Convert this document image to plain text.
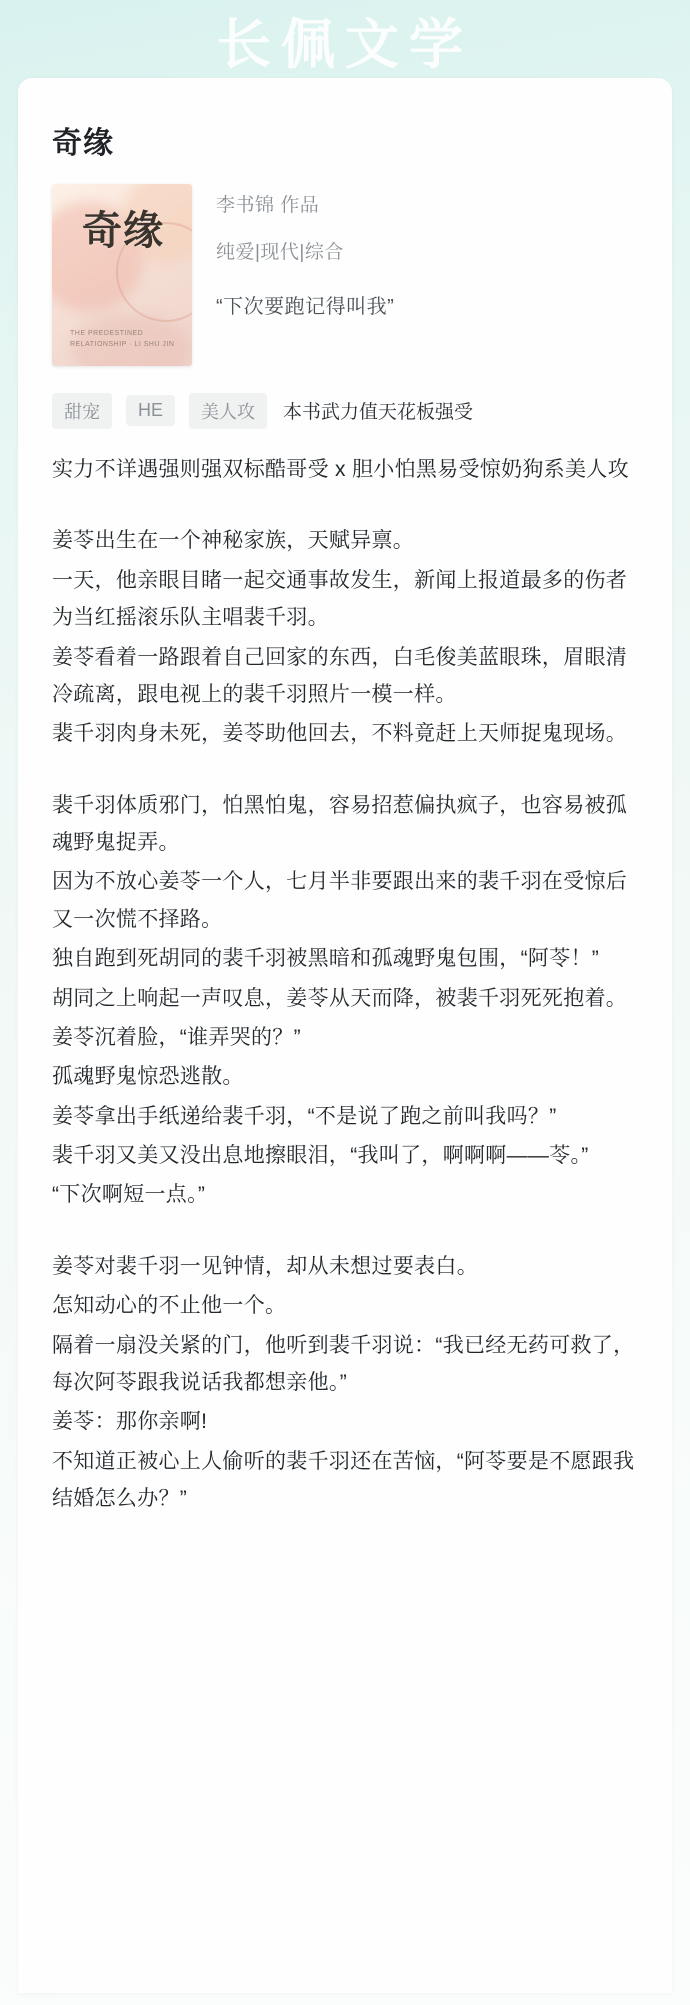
长佩文学
奇缘
奇缘
THE PREDESTINED RELATIONSHIP · LI SHU JIN
李书锦 作品
纯爱|现代|综合
“下次要跑记得叫我”
甜宠	HE	美人攻	本书武力值天花板强受

实力不详遇强则强双标酷哥受 x 胆小怕黑易受惊奶狗系美人攻

姜苓出生在一个神秘家族，天赋异禀。

一天，他亲眼目睹一起交通事故发生，新闻上报道最多的伤者为当红摇滚乐队主唱裴千羽。

姜苓看着一路跟着自己回家的东西，白毛俊美蓝眼珠，眉眼清冷疏离，跟电视上的裴千羽照片一模一样。

裴千羽肉身未死，姜苓助他回去，不料竟赶上天师捉鬼现场。

裴千羽体质邪门，怕黑怕鬼，容易招惹偏执疯子，也容易被孤魂野鬼捉弄。

因为不放心姜苓一个人，七月半非要跟出来的裴千羽在受惊后又一次慌不择路。

独自跑到死胡同的裴千羽被黑暗和孤魂野鬼包围，“阿苓！”

胡同之上响起一声叹息，姜苓从天而降，被裴千羽死死抱着。

姜苓沉着脸，“谁弄哭的？”

孤魂野鬼惊恐逃散。

姜苓拿出手纸递给裴千羽，“不是说了跑之前叫我吗？”

裴千羽又美又没出息地擦眼泪，“我叫了，啊啊啊——苓。”

“下次啊短一点。”

姜苓对裴千羽一见钟情，却从未想过要表白。

怎知动心的不止他一个。

隔着一扇没关紧的门，他听到裴千羽说：“我已经无药可救了，每次阿苓跟我说话我都想亲他。”

姜苓：那你亲啊!

不知道正被心上人偷听的裴千羽还在苦恼，“阿苓要是不愿跟我结婚怎么办？”
